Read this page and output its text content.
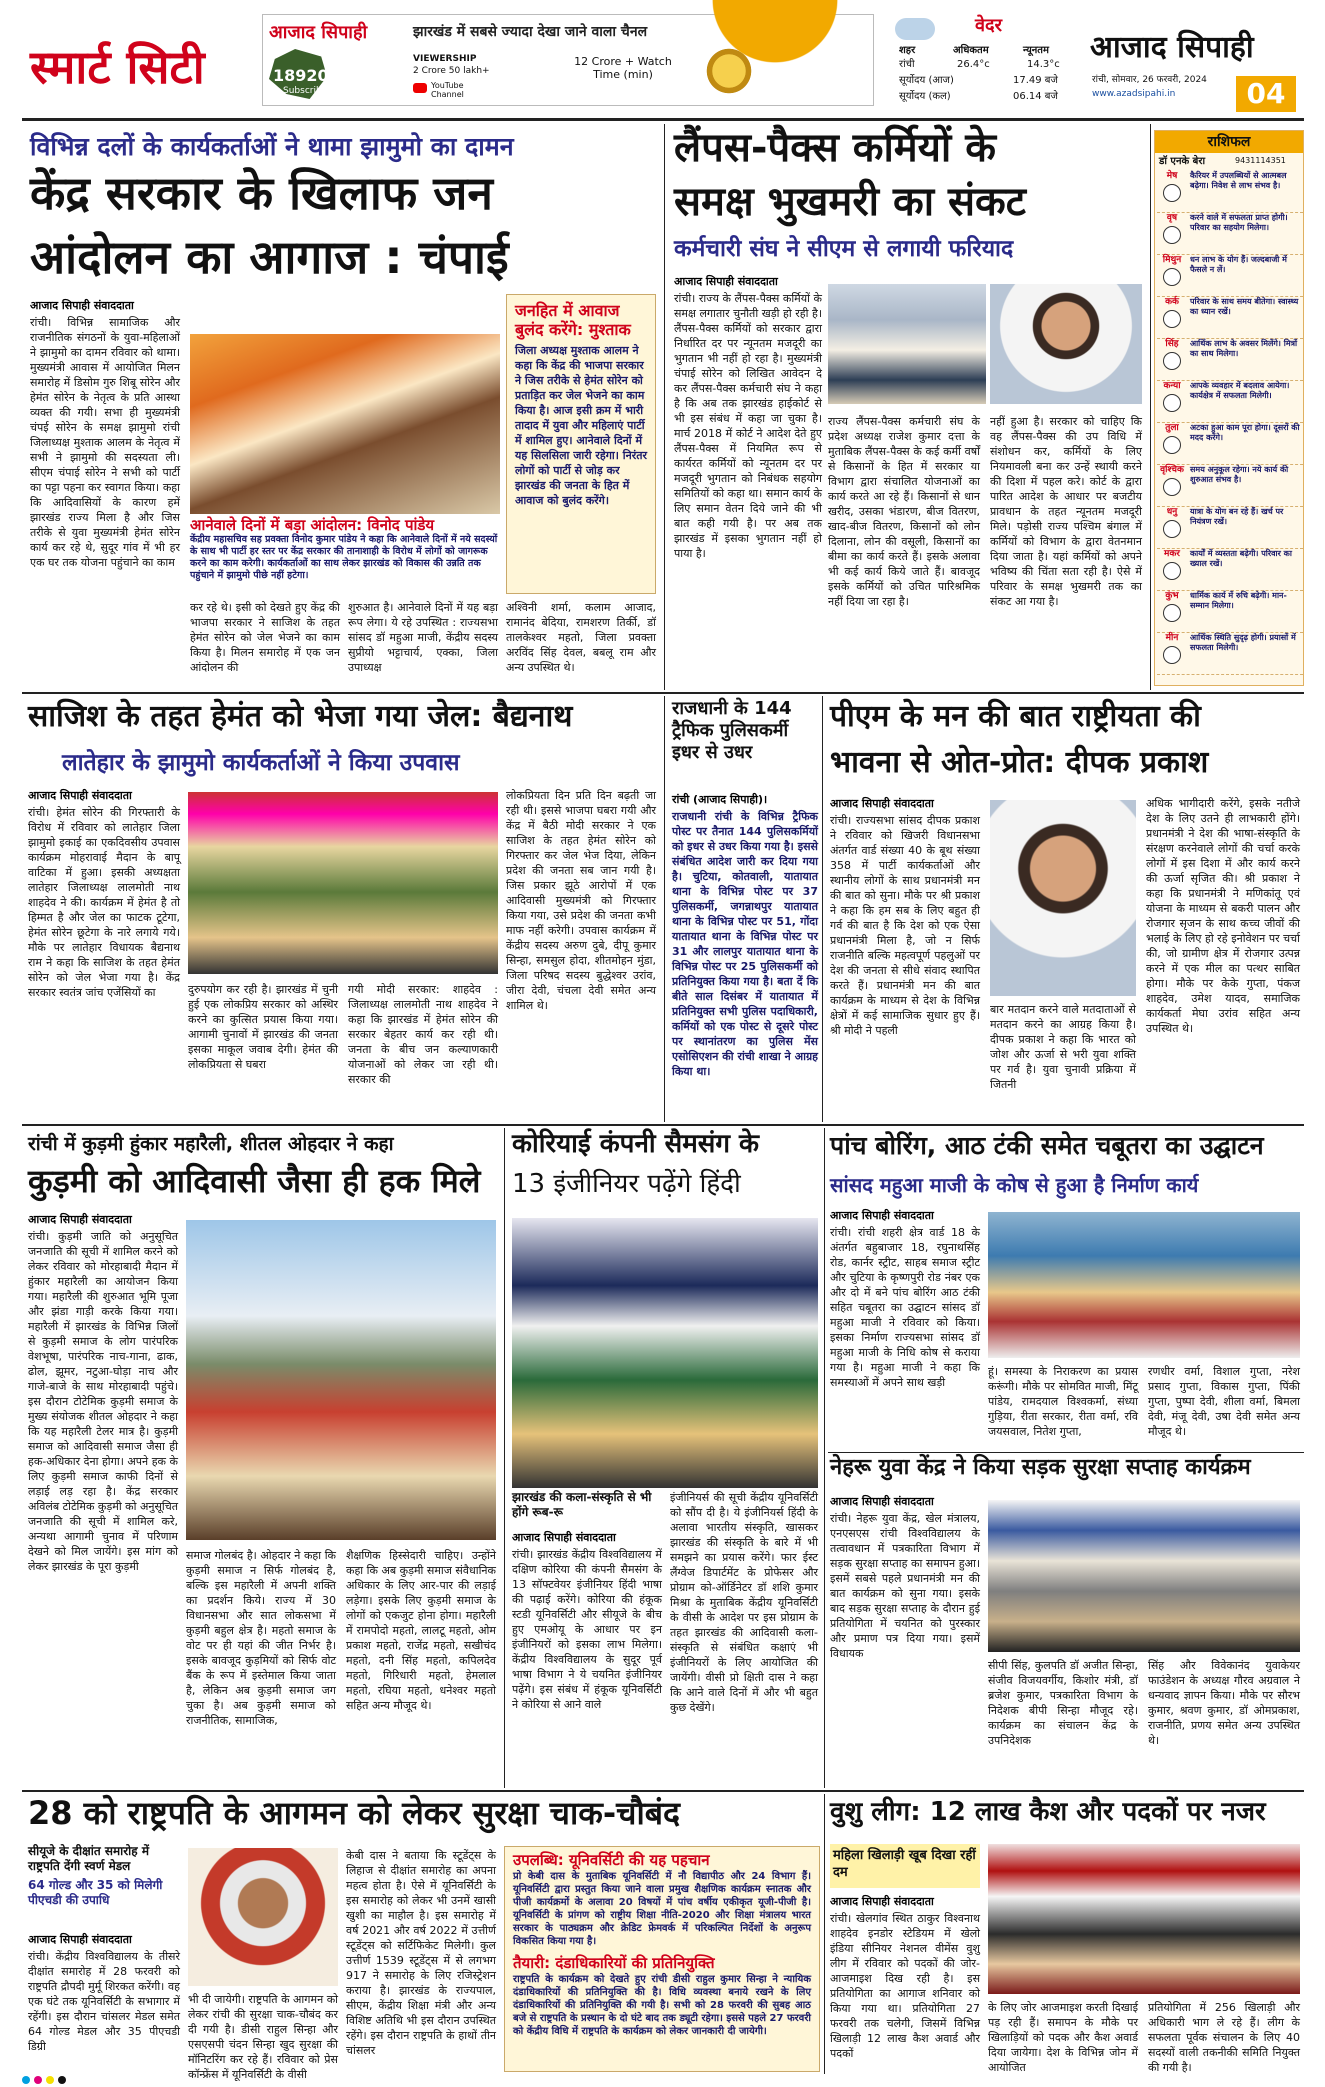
स्मार्ट सिटी
आजाद सिपाही	झारखंड में सबसे ज्यादा देखा जाने वाला चैनल
189200
Subscribers
VIEWERSHIP
2 Crore 50 lakh+
YouTube Channel
12 Crore + Watch Time (min)
वेदर
शहर	अधिकतम	न्यूनतम
रांची	26.4°c	14.3°c
सूर्योदय (आज)	17.49 बजे
सूर्योदय (कल)	06.14 बजे
आजाद सिपाही
रांची, सोमवार, 26 फरवरी, 2024
www.azadsipahi.in	04
विभिन्न दलों के कार्यकर्ताओं ने थामा झामुमो का दामन
केंद्र सरकार के खिलाफ जन
आंदोलन का आगाज : चंपाई
आजाद सिपाही संवाददाता
रांची। विभिन्न सामाजिक और राजनीतिक संगठनों के युवा-महिलाओं ने झामुमो का दामन रविवार को थामा। मुख्यमंत्री आवास में आयोजित मिलन समारोह में डिसोम गुरु शिबू सोरेन और हेमंत सोरेन के नेतृत्व के प्रति आस्था व्यक्त की गयी। सभा ही मुख्यमंत्री चंपई सोरेन के समक्ष झामुमो रांची जिलाध्यक्ष मुश्ताक आलम के नेतृत्व में सभी ने झामुमो की सदस्यता ली। सीएम चंपाई सोरेन ने सभी को पार्टी का पट्टा पहना कर स्वागत किया। कहा कि आदिवासियों के कारण हमें झारखंड राज्य मिला है और जिस तरीके से युवा मुख्यमंत्री हेमंत सोरेन कार्य कर रहे थे, सुदूर गांव में भी हर एक घर तक योजना पहुंचाने का काम
आनेवाले दिनों में बड़ा आंदोलन: विनोद पांडेय
केंद्रीय महासचिव सह प्रवक्ता विनोद कुमार पांडेय ने कहा कि आनेवाले दिनों में नये सदस्यों के साथ भी पार्टी हर स्तर पर केंद्र सरकार की तानाशाही के विरोध में लोगों को जागरूक करने का काम करेगी। कार्यकर्ताओं का साथ लेकर झारखंड को विकास की उन्नति तक पहुंचाने में झामुमो पीछे नहीं हटेगा।
जनहित में आवाज बुलंद करेंगे: मुश्ताक
जिला अध्यक्ष मुश्ताक आलम ने कहा कि केंद्र की भाजपा सरकार ने जिस तरीके से हेमंत सोरेन को प्रताड़ित कर जेल भेजने का काम किया है। आज इसी क्रम में भारी तादाद में युवा और महिलाएं पार्टी में शामिल हुए। आनेवाले दिनों में यह सिलसिला जारी रहेगा। निरंतर लोगों को पार्टी से जोड़ कर झारखंड की जनता के हित में आवाज को बुलंद करेंगे।
कर रहे थे। इसी को देखते हुए केंद्र की भाजपा सरकार ने साजिश के तहत हेमंत सोरेन को जेल भेजने का काम किया है। मिलन समारोह में एक जन आंदोलन की
शुरुआत है। आनेवाले दिनों में यह बड़ा रूप लेगा। ये रहे उपस्थित : राज्यसभा सांसद डॉ महुआ माजी, केंद्रीय सदस्य सुप्रीयो भट्टाचार्य, एक्का, जिला उपाध्यक्ष
अश्विनी शर्मा, कलाम आजाद, रामानंद बेदिया, रामशरण तिर्की, डॉ तालकेश्वर महतो, जिला प्रवक्ता अरविंद सिंह देवल, बबलू राम और अन्य उपस्थित थे।
लैंपस-पैक्स कर्मियों के
समक्ष भुखमरी का संकट
कर्मचारी संघ ने सीएम से लगायी फरियाद
आजाद सिपाही संवाददाता
रांची। राज्य के लैंपस-पैक्स कर्मियों के समक्ष लगातार चुनौती खड़ी हो रही है। लैंपस-पैक्स कर्मियों को सरकार द्वारा निर्धारित दर पर न्यूनतम मजदूरी का भुगतान भी नहीं हो रहा है। मुख्यमंत्री चंपाई सोरेन को लिखित आवेदन दे कर लैंपस-पैक्स कर्मचारी संघ ने कहा है कि अब तक झारखंड हाईकोर्ट से भी इस संबंध में कहा जा चुका है। मार्च 2018 में कोर्ट ने आदेश देते हुए लैंपस-पैक्स में नियमित रूप से कार्यरत कर्मियों को न्यूनतम दर पर मजदूरी भुगतान को निबंधक सहयोग समितियों को कहा था। समान कार्य के लिए समान वेतन दिये जाने की भी बात कही गयी है। पर अब तक झारखंड में इसका भुगतान नहीं हो पाया है।
राज्य लैंपस-पैक्स कर्मचारी संघ के प्रदेश अध्यक्ष राजेश कुमार दत्ता के मुताबिक लैंपस-पैक्स के कई कर्मी वर्षों से किसानों के हित में सरकार या विभाग द्वारा संचालित योजनाओं का कार्य करते आ रहे हैं। किसानों से धान खरीद, उसका भंडारण, बीज वितरण, खाद-बीज वितरण, किसानों को लोन दिलाना, लोन की वसूली, किसानों का बीमा का कार्य करते हैं। इसके अलावा भी कई कार्य किये जाते हैं। बावजूद इसके कर्मियों को उचित पारिश्रमिक नहीं दिया जा रहा है।
नहीं हुआ है। सरकार को चाहिए कि वह लैंपस-पैक्स की उप विधि में संशोधन कर, कर्मियों के लिए नियमावली बना कर उन्हें स्थायी करने की दिशा में पहल करे। कोर्ट के द्वारा पारित आदेश के आधार पर बजटीय प्रावधान के तहत न्यूनतम मजदूरी मिले। पड़ोसी राज्य पश्चिम बंगाल में कर्मियों को विभाग के द्वारा वेतनमान दिया जाता है। यहां कर्मियों को अपने भविष्य की चिंता सता रही है। ऐसे में परिवार के समक्ष भुखमरी तक का संकट आ गया है।
राशिफल
डॉ एनके बेरा	9431114351
मेष	कैरियर में उपलब्धियों से आत्मबल बढ़ेगा। निवेश से लाभ संभव है।
वृष	करने वाले में सफलता प्राप्त होगी। परिवार का सहयोग मिलेगा।
मिथुन	धन लाभ के योग हैं। जल्दबाजी में फैसले न लें।
कर्क	परिवार के साथ समय बीतेगा। स्वास्थ्य का ध्यान रखें।
सिंह	आर्थिक लाभ के अवसर मिलेंगे। मित्रों का साथ मिलेगा।
कन्या	आपके व्यवहार में बदलाव आयेगा। कार्यक्षेत्र में सफलता मिलेगी।
तुला	अटका हुआ काम पूरा होगा। दूसरों की मदद करेंगे।
वृश्चिक समय अनुकूल रहेगा। नये कार्य की शुरुआत संभव है।
धनु	यात्रा के योग बन रहे हैं। खर्च पर नियंत्रण रखें।
मकर	कार्यों में व्यस्तता बढ़ेगी। परिवार का ख्याल रखें।
कुंभ	धार्मिक कार्य में रुचि बढ़ेगी। मान-सम्मान मिलेगा।
मीन	आर्थिक स्थिति सुदृढ़ होगी। प्रयासों में सफलता मिलेगी।
साजिश के तहत हेमंत को भेजा गया जेल: बैद्यनाथ
लातेहार के झामुमो कार्यकर्ताओं ने किया उपवास
आजाद सिपाही संवाददाता
रांची। हेमंत सोरेन की गिरफ्तारी के विरोध में रविवार को लातेहार जिला झामुमो इकाई का एकदिवसीय उपवास कार्यक्रम मोहरावाई मैदान के बापू वाटिका में हुआ। इसकी अध्यक्षता लातेहार जिलाध्यक्ष लालमोती नाथ शाहदेव ने की। कार्यक्रम में हेमंत है तो हिम्मत है और जेल का फाटक टूटेगा, हेमंत सोरेन छूटेगा के नारे लगाये गये। मौके पर लातेहार विधायक बैद्यनाथ राम ने कहा कि साजिश के तहत हेमंत सोरेन को जेल भेजा गया है। केंद्र सरकार स्वतंत्र जांच एजेंसियों का	दुरुपयोग कर रही है। झारखंड में चुनी हुई एक लोकप्रिय सरकार को अस्थिर करने का कुत्सित प्रयास किया गया। आगामी चुनावों में झारखंड की जनता इसका माकूल जवाब देगी। हेमंत की लोकप्रियता से घबरा
गयी मोदी सरकार: शाहदेव : जिलाध्यक्ष लालमोती नाथ शाहदेव ने कहा कि झारखंड में हेमंत सोरेन की सरकार बेहतर कार्य कर रही थी। जनता के बीच जन कल्याणकारी योजनाओं को लेकर जा रही थी। सरकार की
लोकप्रियता दिन प्रति दिन बढ़ती जा रही थी। इससे भाजपा घबरा गयी और केंद्र में बैठी मोदी सरकार ने एक साजिश के तहत हेमंत सोरेन को गिरफ्तार कर जेल भेज दिया, लेकिन प्रदेश की जनता सब जान गयी है। जिस प्रकार झूठे आरोपों में एक आदिवासी मुख्यमंत्री को गिरफ्तार किया गया, उसे प्रदेश की जनता कभी माफ नहीं करेगी। उपवास कार्यक्रम में केंद्रीय सदस्य अरुण दुबे, दीपू कुमार सिन्हा, समसुल होदा, शीतमोहन मुंडा, जिला परिषद सदस्य बुद्धेश्वर उरांव, जीरा देवी, चंचला देवी समेत अन्य शामिल थे।
राजधानी के 144 ट्रैफिक पुलिसकर्मी इधर से उधर
रांची (आजाद सिपाही)।
राजधानी रांची के विभिन्न ट्रैफिक पोस्ट पर तैनात 144 पुलिसकर्मियों को इधर से उधर किया गया है। इससे संबंधित आदेश जारी कर दिया गया है। चुटिया, कोतवाली, यातायात थाना के विभिन्न पोस्ट पर 37 पुलिसकर्मी, जगन्नाथपुर यातायात थाना के विभिन्न पोस्ट पर 51, गोंदा यातायात थाना के विभिन्न पोस्ट पर 31 और लालपुर यातायात थाना के विभिन्न पोस्ट पर 25 पुलिसकर्मी को प्रतिनियुक्त किया गया है। बता दें कि बीते साल दिसंबर में यातायात में प्रतिनियुक्त सभी पुलिस पदाधिकारी, कर्मियों को एक पोस्ट से दूसरे पोस्ट पर स्थानांतरण का पुलिस मेंस एसोसिएशन की रांची शाखा ने आग्रह किया था।
पीएम के मन की बात राष्ट्रीयता की
भावना से ओत-प्रोत: दीपक प्रकाश
आजाद सिपाही संवाददाता
रांची। राज्यसभा सांसद दीपक प्रकाश ने रविवार को खिजरी विधानसभा अंतर्गत वार्ड संख्या 40 के बूथ संख्या 358 में पार्टी कार्यकर्ताओं और स्थानीय लोगों के साथ प्रधानमंत्री मन की बात को सुना। मौके पर श्री प्रकाश ने कहा कि हम सब के लिए बहुत ही गर्व की बात है कि देश को एक ऐसा प्रधानमंत्री मिला है, जो न सिर्फ राजनीति बल्कि महत्वपूर्ण पहलुओं पर देश की जनता से सीधे संवाद स्थापित करते हैं। प्रधानमंत्री मन की बात कार्यक्रम के माध्यम से देश के विभिन्न क्षेत्रों में कई सामाजिक सुधार हुए हैं। श्री मोदी ने पहली
बार मतदान करने वाले मतदाताओं से मतदान करने का आग्रह किया है। दीपक प्रकाश ने कहा कि भारत को जोश और ऊर्जा से भरी युवा शक्ति पर गर्व है। युवा चुनावी प्रक्रिया में जितनी
अधिक भागीदारी करेंगे, इसके नतीजे देश के लिए उतने ही लाभकारी होंगे। प्रधानमंत्री ने देश की भाषा-संस्कृति के संरक्षण करनेवाले लोगों की चर्चा करके लोगों में इस दिशा में और कार्य करने की ऊर्जा सृजित की। श्री प्रकाश ने कहा कि प्रधानमंत्री ने मणिकांतू एवं योजना के माध्यम से बकरी पालन और रोजगार सृजन के साथ कच्च जीवों की भलाई के लिए हो रहे इनोवेशन पर चर्चा की, जो ग्रामीण क्षेत्र में रोजगार उत्पन्न करने में एक मील का पत्थर साबित होगा। मौके पर केके गुप्ता, पंकज शाहदेव, उमेश यादव, समाजिक कार्यकर्ता मेघा उरांव सहित अन्य उपस्थित थे।
रांची में कुड़मी हुंकार महारैली, शीतल ओहदार ने कहा
कुड़मी को आदिवासी जैसा ही हक मिले
आजाद सिपाही संवाददाता
रांची। कुड़मी जाति को अनुसूचित जनजाति की सूची में शामिल करने को लेकर रविवार को मोरहाबादी मैदान में हुंकार महारैली का आयोजन किया गया। महारैली की शुरुआत भूमि पूजा और झंडा गाड़ी करके किया गया। महारैली में झारखंड के विभिन्न जिलों से कुड़मी समाज के लोग पारंपरिक वेशभूषा, पारंपरिक नाच-गाना, ढाक, ढोल, झूमर, नटुआ-घोड़ा नाच और गाजे-बाजे के साथ मोरहाबादी पहुंचे। इस दौरान टोटेमिक कुड़मी समाज के मुख्य संयोजक शीतल ओहदार ने कहा कि यह महारैली टेलर मात्र है। कुड़मी समाज को आदिवासी समाज जैसा ही हक-अधिकार देना होगा। अपने हक के लिए कुड़मी समाज काफी दिनों से लड़ाई लड़ रहा है। केंद्र सरकार अविलंब टोटेमिक कुड़मी को अनुसूचित जनजाति की सूची में शामिल करे, अन्यथा आगामी चुनाव में परिणाम देखने को मिल जायेंगे। इस मांग को लेकर झारखंड के पूरा कुड़मी
समाज गोलबंद है। ओहदार ने कहा कि कुड़मी समाज न सिर्फ गोलबंद है, बल्कि इस महारैली में अपनी शक्ति का प्रदर्शन किये। राज्य में 30 विधानसभा और सात लोकसभा में कुड़मी बहुल क्षेत्र है। महतो समाज के वोट पर ही यहां की जीत निर्भर है। इसके बावजूद कुड़मियों को सिर्फ वोट बैंक के रूप में इस्तेमाल किया जाता है, लेकिन अब कुड़मी समाज जग चुका है। अब कुड़मी समाज को राजनीतिक, सामाजिक,
शैक्षणिक हिस्सेदारी चाहिए। उन्होंने कहा कि अब कुड़मी समाज संवैधानिक अधिकार के लिए आर-पार की लड़ाई लड़ेगा। इसके लिए कुड़मी समाज के लोगों को एकजुट होना होगा। महारैली में रामपोदो महतो, लालटू महतो, ओम प्रकाश महतो, राजेंद्र महतो, सखीचंद महतो, दनी सिंह महतो, कपिलदेव महतो, गिरिधारी महतो, हेमलाल महतो, रघिया महतो, धनेश्वर महतो सहित अन्य मौजूद थे।
कोरियाई कंपनी सैमसंग के
13 इंजीनियर पढ़ेंगे हिंदी
झारखंड की कला-संस्कृति से भी होंगे रूब-रू
आजाद सिपाही संवाददाता
रांची। झारखंड केंद्रीय विश्वविद्यालय में दक्षिण कोरिया की कंपनी सैमसंग के 13 सॉफ्टवेयर इंजीनियर हिंदी भाषा की पढ़ाई करेंगे। कोरिया की हंकूक स्टडी यूनिवर्सिटी और सीयूजे के बीच हुए एमओयू के आधार पर इन इंजीनियरों को इसका लाभ मिलेगा। केंद्रीय विश्वविद्यालय के सुदूर पूर्व भाषा विभाग ने ये चयनित इंजीनियर पढ़ेंगे। इस संबंध में हंकूक यूनिवर्सिटी ने कोरिया से आने वाले
इंजीनियर्स की सूची केंद्रीय यूनिवर्सिटी को सौंप दी है। ये इंजीनियर्स हिंदी के अलावा भारतीय संस्कृति, खासकर झारखंड की संस्कृति के बारे में भी समझने का प्रयास करेंगे। फार ईस्ट लैंग्वेज डिपार्टमेंट के प्रोफेसर और प्रोग्राम को-ऑर्डिनेटर डॉ शशि कुमार मिश्रा के मुताबिक केंद्रीय यूनिवर्सिटी के वीसी के आदेश पर इस प्रोग्राम के तहत झारखंड की आदिवासी कला-संस्कृति से संबंधित कक्षाएं भी इंजीनियरों के लिए आयोजित की जायेंगी। वीसी प्रो क्षिती दास ने कहा कि आने वाले दिनों में और भी बहुत कुछ देखेंगे।
पांच बोरिंग, आठ टंकी समेत चबूतरा का उद्घाटन
सांसद महुआ माजी के कोष से हुआ है निर्माण कार्य
आजाद सिपाही संवाददाता
रांची। रांची शहरी क्षेत्र वार्ड 18 के अंतर्गत बहुबाजार 18, रघुनाथसिंह रोड, कार्नर स्ट्रीट, साहब समाज स्ट्रीट और चुटिया के कृष्णपुरी रोड नंबर एक और दो में बने पांच बोरिंग आठ टंकी सहित चबूतरा का उद्घाटन सांसद डॉ महुआ माजी ने रविवार को किया। इसका निर्माण राज्यसभा सांसद डॉ महुआ माजी के निधि कोष से कराया गया है। महुआ माजी ने कहा कि समस्याओं में अपने साथ खड़ी
हूं। समस्या के निराकरण का प्रयास करूंगी। मौके पर सोमवित माजी, मिंटू पांडेय, रामदयाल विश्वकर्मा, संध्या गुड़िया, रीता सरकार, रीता वर्मा, रवि जयसवाल, नितेश गुप्ता,
रणधीर वर्मा, विशाल गुप्ता, नरेश प्रसाद गुप्ता, विकास गुप्ता, पिंकी गुप्ता, पुष्पा देवी, शीला वर्मा, बिमला देवी, मंजू देवी, उषा देवी समेत अन्य मौजूद थे।
नेहरू युवा केंद्र ने किया सड़क सुरक्षा सप्ताह कार्यक्रम
आजाद सिपाही संवाददाता
रांची। नेहरू युवा केंद्र, खेल मंत्रालय, एनएसएस रांची विश्वविद्यालय के तत्वावधान में पत्रकारिता विभाग में सड़क सुरक्षा सप्ताह का समापन हुआ। इसमें सबसे पहले प्रधानमंत्री मन की बात कार्यक्रम को सुना गया। इसके बाद सड़क सुरक्षा सप्ताह के दौरान हुई प्रतियोगिता में चयनित को पुरस्कार और प्रमाण पत्र दिया गया। इसमें विधायक
सीपी सिंह, कुलपति डॉ अजीत सिन्हा, संजीव विजयवर्गीय, किशोर मंत्री, डॉ ब्रजेश कुमार, पत्रकारिता विभाग के निदेशक बीपी सिन्हा मौजूद रहे। कार्यक्रम का संचालन केंद्र के उपनिदेशक
सिंह और विवेकानंद युवाकेयर फाउंडेशन के अध्यक्ष गौरव अग्रवाल ने धन्यवाद ज्ञापन किया। मौके पर सौरभ कुमार, श्रवण कुमार, डॉ ओमप्रकाश, राजनीति, प्रणय समेत अन्य उपस्थित थे।
28 को राष्ट्रपति के आगमन को लेकर सुरक्षा चाक-चौबंद
सीयूजे के दीक्षांत समारोह में राष्ट्रपति देंगी स्वर्ण मेडल
64 गोल्ड और 35 को मिलेगी पीएचडी की उपाधि
आजाद सिपाही संवाददाता
रांची। केंद्रीय विश्वविद्यालय के तीसरे दीक्षांत समारोह में 28 फरवरी को राष्ट्रपति द्रौपदी मुर्मू शिरकत करेंगी। वह एक घंटे तक यूनिवर्सिटी के सभागार में रहेंगी। इस दौरान चांसलर मेडल समेत 64 गोल्ड मेडल और 35 पीएचडी डिग्री
भी दी जायेगी। राष्ट्रपति के आगमन को लेकर रांची की सुरक्षा चाक-चौबंद कर दी गयी है। डीसी राहुल सिन्हा और एसएसपी चंदन सिन्हा खुद सुरक्षा की मॉनिटरिंग कर रहे हैं। रविवार को प्रेस कॉन्फ्रेंस में यूनिवर्सिटी के वीसी
केबी दास ने बताया कि स्टूडेंट्स के लिहाज से दीक्षांत समारोह का अपना महत्व होता है। ऐसे में यूनिवर्सिटी के इस समारोह को लेकर भी उनमें खासी खुशी का माहौल है। इस समारोह में वर्ष 2021 और वर्ष 2022 में उत्तीर्ण स्टूडेंट्स को सर्टिफिकेट मिलेगी। कुल उत्तीर्ण 1539 स्टूडेंट्स में से लगभग 917 ने समारोह के लिए रजिस्ट्रेशन कराया है। झारखंड के राज्यपाल, सीएम, केंद्रीय शिक्षा मंत्री और अन्य विशिष्ट अतिथि भी इस दौरान उपस्थित रहेंगे। इस दौरान राष्ट्रपति के हाथों तीन चांसलर
उपलब्धि: यूनिवर्सिटी की यह पहचान
प्रो केबी दास के मुताबिक यूनिवर्सिटी में नौ विद्यापीठ और 24 विभाग हैं। यूनिवर्सिटी द्वारा प्रस्तुत किया जाने वाला प्रमुख शैक्षणिक कार्यक्रम स्नातक और पीजी कार्यक्रमों के अलावा 20 विषयों में पांच वर्षीय एकीकृत यूजी-पीजी है। यूनिवर्सिटी के प्रांगण को राष्ट्रीय शिक्षा नीति-2020 और शिक्षा मंत्रालय भारत सरकार के पाठ्यक्रम और क्रेडिट फ्रेमवर्क में परिकल्पित निर्देशों के अनुरूप विकसित किया गया है।
तैयारी: दंडाधिकारियों की प्रतिनियुक्ति
राष्ट्रपति के कार्यक्रम को देखते हुए रांची डीसी राहुल कुमार सिन्हा ने न्यायिक दंडाधिकारियों की प्रतिनियुक्ति की है। विधि व्यवस्था बनाये रखने के लिए दंडाधिकारियों की प्रतिनियुक्ति की गयी है। सभी को 28 फरवरी की सुबह आठ बजे से राष्ट्रपति के प्रस्थान के दो घंटे बाद तक ड्यूटी रहेगा। इससे पहले 27 फरवरी को केंद्रीय विधि में राष्ट्रपति के कार्यक्रम को लेकर जानकारी दी जायेगी।
वुशु लीग: 12 लाख कैश और पदकों पर नजर
महिला खिलाड़ी खूब दिखा रहीं दम
आजाद सिपाही संवाददाता
रांची। खेलगांव स्थित ठाकुर विश्वनाथ शाहदेव इनडोर स्टेडियम में खेलो इंडिया सीनियर नेशनल वीमेंस वुशु लीग में रविवार को पदकों की जोर-आजमाइश दिख रही है। इस प्रतियोगिता का आगाज शनिवार को किया गया था। प्रतियोगिता 27 फरवरी तक चलेगी, जिसमें विभिन्न खिलाड़ी 12 लाख कैश अवार्ड और पदकों
के लिए जोर आजमाइश करती दिखाई पड़ रही हैं। समापन के मौके पर खिलाड़ियों को पदक और कैश अवार्ड दिया जायेगा। देश के विभिन्न जोन में आयोजित
प्रतियोगिता में 256 खिलाड़ी और अधिकारी भाग ले रहे हैं। लीग के सफलता पूर्वक संचालन के लिए 40 सदस्यों वाली तकनीकी समिति नियुक्त की गयी है।
